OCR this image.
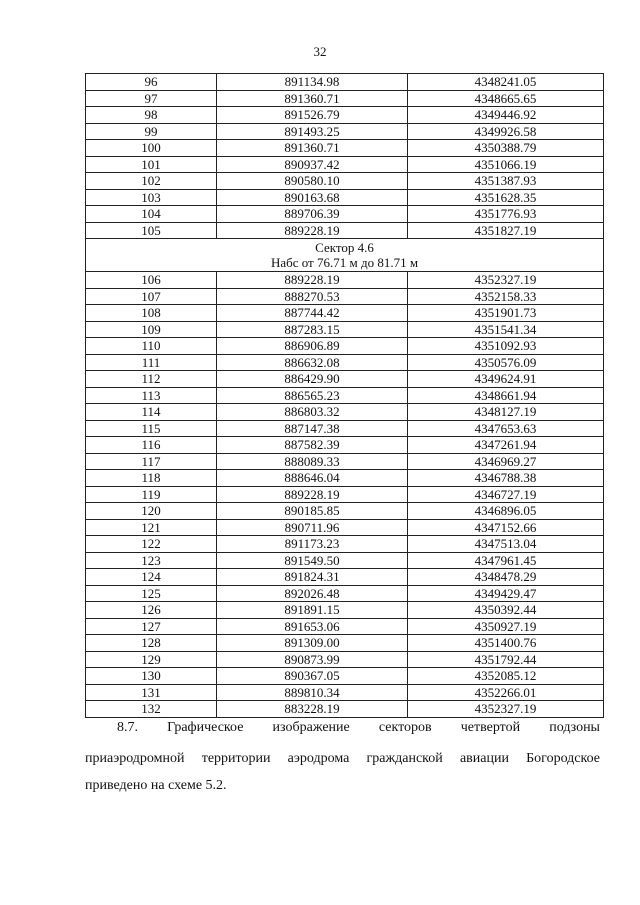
32
96	891134.98	4348241.05
97	891360.71	4348665.65
98	891526.79	4349446.92
99	891493.25	4349926.58
100	891360.71	4350388.79
101	890937.42	4351066.19
102	890580.10	4351387.93
103	890163.68	4351628.35
104	889706.39	4351776.93
105	889228.19	4351827.19

Сектор 4.6
Набс от 76.71 м до 81.71 м		

106	889228.19	4352327.19
107	888270.53	4352158.33
108	887744.42	4351901.73
109	887283.15	4351541.34
110	886906.89	4351092.93
111	886632.08	4350576.09
112	886429.90	4349624.91
113	886565.23	4348661.94
114	886803.32	4348127.19
115	887147.38	4347653.63
116	887582.39	4347261.94
117	888089.33	4346969.27
118	888646.04	4346788.38
119	889228.19	4346727.19
120	890185.85	4346896.05
121	890711.96	4347152.66
122	891173.23	4347513.04
123	891549.50	4347961.45
124	891824.31	4348478.29
125	892026.48	4349429.47
126	891891.15	4350392.44
127	891653.06	4350927.19
128	891309.00	4351400.76
129	890873.99	4351792.44
130	890367.05	4352085.12
131	889810.34	4352266.01
132	883228.19	4352327.19
8.7. Графическое изображение секторов четвертой подзоны
приаэродромной территории аэродрома гражданской авиации Богородское
приведено на схеме 5.2.
